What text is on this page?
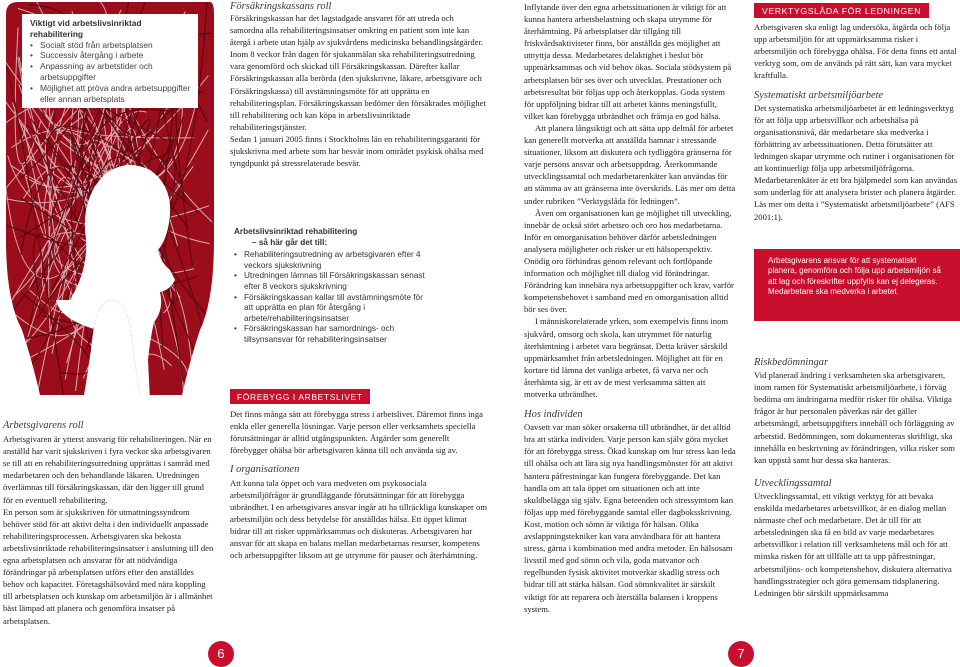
Viktigt vid arbetslivsinriktad rehabilitering
• Socialt stöd från arbetsplatsen
• Successiv återgång i arbete
• Anpassning av arbetstider och arbetsuppgifter
• Möjlighet att pröva andra arbetsuppgifter eller annan arbetsplats
Arbetsgivarens roll

Arbetsgivaren är ytterst ansvarig för rehabiliteringen. När en anställd har varit sjukskriven i fyra veckor ska arbetsgivaren se till att en rehabiliteringsutredning upprättas i samråd med medarbetaren och den behandlande läkaren. Utredningen överlämnas till försäkringskassan, där den ligger till grund för en eventuell rehabilitering.

En person som är sjukskriven för utmattningssyndrom behöver stöd för att aktivt delta i den individuellt anpassade rehabiliteringsprocessen. Arbetsgivaren ska bekosta arbetslivsinriktade rehabiliteringsinsatser i anslutning till den egna arbetsplatsen och ansvarar för att nödvändiga förändringar på arbetsplatsen utförs efter den anställdes behov och kapacitet. Företagshälsovård med nära koppling till arbetsplatsen och kunskap om arbetsmiljön är i allmänhet bäst lämpad att planera och genomföra insatser på arbetsplatsen.

6
Försäkringskassans roll

Försäkringskassan har det lagstadgade ansvaret för att utreda och samordna alla rehabiliteringsinsatser omkring en patient som inte kan återgå i arbete utan hjälp av sjukvårdens medicinska behandlingsåtgärder. Inom 8 veckor från dagen för sjukanmälan ska rehabiliteringsutredning vara genomförd och skickad till Försäkringskassan. Därefter kallar Försäkringskassan alla berörda (den sjukskrivne, läkare, arbetsgivare och Försäkringskassa) till avstämningsmöte för att upprätta en rehabiliteringsplan. Försäkringskassan bedömer den försäkrades möjlighet till rehabilitering och kan köpa in arbetslivsinriktade rehabiliteringstjänster.

Sedan 1 januari 2005 finns i Stockholms län en rehabiliteringsgaranti för sjukskrivna med arbete som har besvär inom området psykisk ohälsa med tyngdpunkt på stressrelaterade besvär.

Arbetslivsinriktad rehabilitering
– så här går det till:
• Rehabiliteringsutredning av arbetsgivaren efter 4 veckors sjukskrivning
• Utredningen lämnas till Försäkringskassan senast efter 8 veckors sjukskrivning
• Försäkringskassan kallar till avstämningsmöte för att upprätta en plan för återgång i arbete/rehabiliteringsinsatser
• Försäkringskassan har samordnings- och tillsynsansvar för rehabiliteringsinsatser
FÖREBYGG I ARBETSLIVET

Det finns många sätt att förebygga stress i arbetslivet. Däremot finns inga enkla eller generella lösningar. Varje person eller verksamhets speciella förutsättningar är alltid utgångspunkten. Åtgärder som generellt förebygger ohälsa bör arbetsgivaren känna till och använda sig av.

I organisationen

Att kunna tala öppet och vara medveten om psykosociala arbetsmiljöfrågor är grundläggande förutsättningar för att förebygga utbrändhet. I en arbetsgivares ansvar ingår att ha tillräckliga kunskaper om arbetsmiljön och dess betydelse för anställdas hälsa. Ett öppet klimat bidrar till att risker uppmärksammas och diskuteras. Arbetsgivaren har ansvar för att skapa en balans mellan medarbetarnas resurser, kompetens och arbetsuppgifter liksom att ge utrymme för pauser och återhämtning.

Inflytande över den egna arbetssituationen är viktigt för att kunna hantera arbetsbelastning och skapa utrymme för återhämtning. På arbetsplatser där tillgång till friskvårdsaktiviteter finns, bör anställda ges möjlighet att utnyttja dessa. Medarbetares delaktighet i beslut bör uppmärksammas och vid behov ökas. Sociala stödsystem på arbetsplatsen bör ses över och utvecklas. Prestationer och arbetsresultat bör följas upp och återkopplas. Goda system för uppföljning bidrar till att arbetet känns meningsfullt, vilket kan förebygga utbrändhet och främja en god hälsa.

Att planera långsiktigt och att sätta upp delmål för arbetet kan generellt motverka att anställda hamnar i stressande situationer, liksom att diskutera och tydliggöra gränserna för varje persons ansvar och arbetsuppdrag. Återkommande utvecklingssamtal och medarbetarenkäter kan användas för att stämma av att gränserna inte överskrids. Läs mer om detta under rubriken ”Verktygslåda för ledningen”.

Även om organisationen kan ge möjlighet till utveckling, innebär de också stört arbetsro och oro hos medarbetarna. Inför en omorganisation behöver därför arbetsledningen analysera möjligheter och risker ur ett hälsoperspektiv. Onödig oro förhindras genom relevant och fortlöpande information och möjlighet till dialog vid förändringar. Förändring kan innebära nya arbetsuppgifter och krav, varför kompetensbehovet i samband med en omorganisation alltid bör ses över.

I människorelaterade yrken, som exempelvis finns inom sjukvård, omsorg och skola, kan utrymmet för naturlig återhämtning i arbetet vara begränsat. Detta kräver särskild uppmärksamhet från arbetsledningen. Möjlighet att för en kortare tid lämna det vanliga arbetet, få varva ner och återhämta sig, är ett av de mest verksamma sätten att motverka utbrändhet.

Hos individen

Oavsett var man söker orsakerna till utbrändhet, är det alltid bra att stärka individen. Varje person kan själv göra mycket för att förebygga stress. Ökad kunskap om hur stress kan leda till ohälsa och att lära sig nya handlingsmönster för att aktivt hantera påfrestningar kan fungera förebyggande. Det kan handla om att tala öppet om situationen och att inte skuldbelägga sig själv. Egna beteenden och stressymtom kan följas upp med förebyggande samtal eller dagboksskrivning. Kost, motion och sömn är viktiga för hälsan. Olika avslappningstekniker kan vara användbara för att hantera stress, gärna i kombination med andra metoder. En hälsosam livsstil med god sömn och vila, goda matvanor och regelbunden fysisk aktivitet motverkar skadlig stress och bidrar till att stärka hälsan. God sömnkvalitet är särskilt viktigt för att reparera och återställa balansen i kroppens system.

VERKTYGSLÅDA FÖR LEDNINGEN

Arbetsgivaren ska enligt lag undersöka, åtgärda och följa upp arbetsmiljön för att uppmärksamma risker i arbetsmiljön och förebygga ohälsa. För detta finns ett antal verktyg som, om de används på rätt sätt, kan vara mycket kraftfulla.

Systematiskt arbetsmiljöarbete

Det systematiska arbetsmiljöarbetet är ett ledningsverktyg för att följa upp arbetsvillkor och arbetshälsa på organisationsnivå, där medarbetare ska medverka i förbättring av arbetssituationen. Detta förutsätter att ledningen skapar utrymme och rutiner i organisationen för att kontinuerligt följa upp arbetsmiljöfrågorna. Medarbetarenkäter är ett bra hjälpmedel som kan användas som underlag för att analysera brister och planera åtgärder. Läs mer om detta i ”Systematiskt arbetsmiljöarbete” (AFS 2001:1).

Arbetsgivarens ansvar för att systematiskt planera, genomföra och följa upp arbetsmiljön så att lag och föreskrifter uppfylls kan ej delegeras. Medarbetare ska medverka i arbetet.
Riskbedömningar

Vid planerad ändring i verksamheten ska arbetsgivaren, inom ramen för Systematiskt arbetsmiljöarbete, i förväg bedöma om ändringarna medför risker för ohälsa. Viktiga frågor är hur personalen påverkas när det gäller arbetsmängd, arbetsuppgifters innehåll och förläggning av arbetstid. Bedömningen, som dokumenteras skriftligt, ska innehålla en beskrivning av förändringen, vilka risker som kan uppstå samt hur dessa ska hanteras.

Utvecklingssamtal

Utvecklingssamtal, ett viktigt verktyg för att bevaka enskilda medarbetares arbetsvillkor, är en dialog mellan närmaste chef och medarbetare. Det är till för att arbetsledningen ska få en bild av varje medarbetares arbetsvillkor i relation till verksamhetens mål och för att minska risken för att tillfälle att ta upp påfrestningar, arbetsmiljöns- och kompetensbehov, diskutera alternativa handlingsstrategier och göra gemensam tidsplanering. Ledningen bör särskilt uppmärksamma

7
